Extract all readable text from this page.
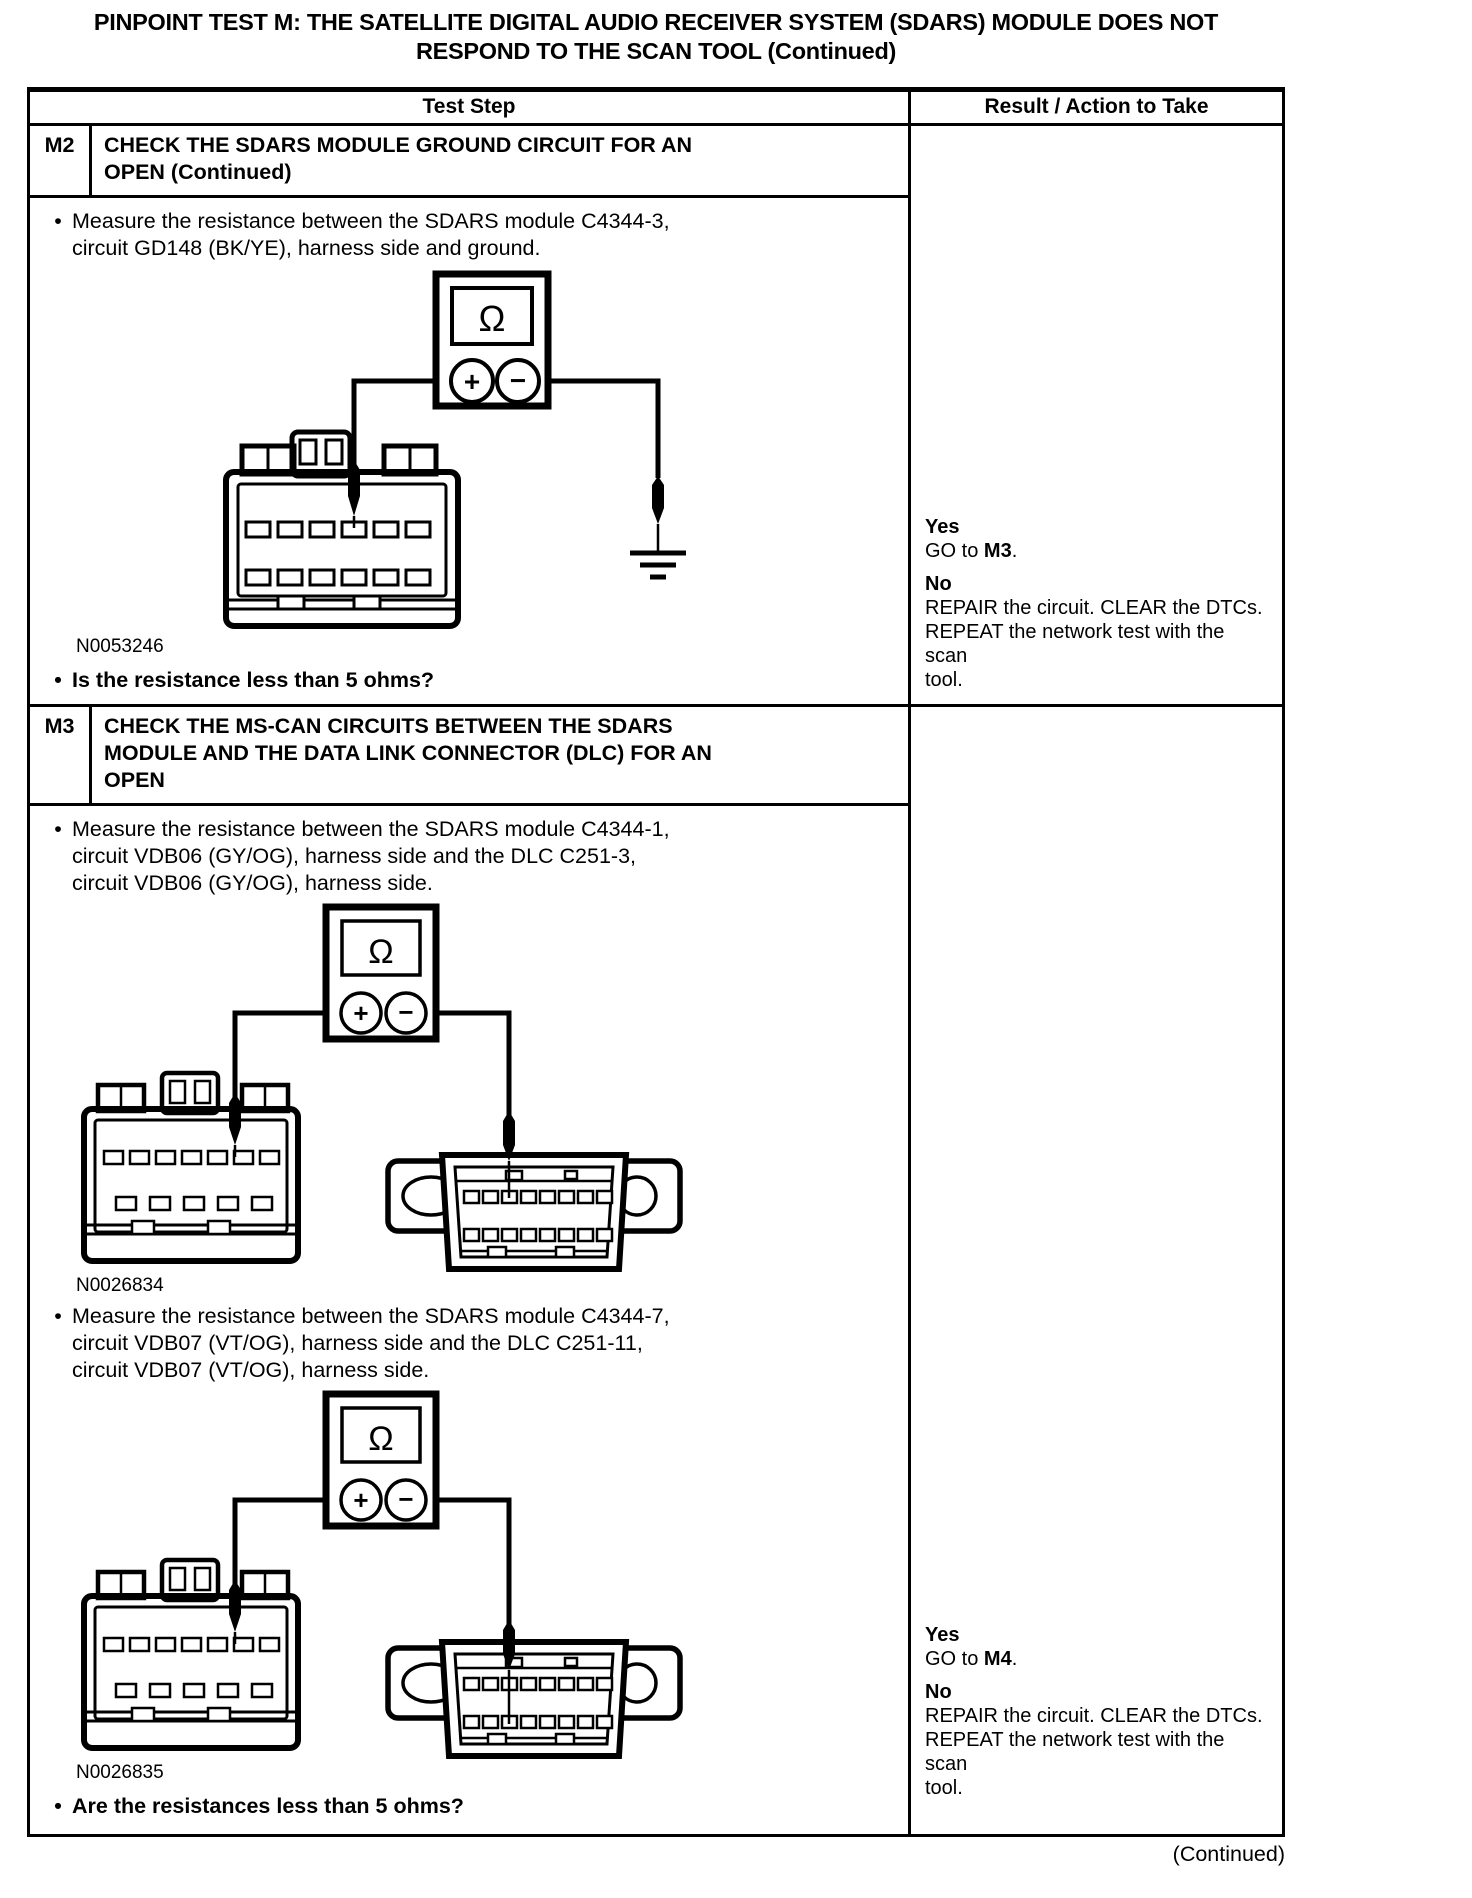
PINPOINT TEST M: THE SATELLITE DIGITAL AUDIO RECEIVER SYSTEM (SDARS) MODULE DOES NOT
RESPOND TO THE SCAN TOOL (Continued)
Test Step	Result / Action to Take
M2	CHECK THE SDARS MODULE GROUND CIRCUIT FOR AN
OPEN (Continued)
• Measure the resistance between the SDARS module C4344-3,
circuit GD148 (BK/YE), harness side and ground.
Ω
+ −
N0053246
• Is the resistance less than 5 ohms?
Yes
GO to M3.
No
REPAIR the circuit. CLEAR the DTCs.
REPEAT the network test with the scan
tool.
M3	CHECK THE MS-CAN CIRCUITS BETWEEN THE SDARS
MODULE AND THE DATA LINK CONNECTOR (DLC) FOR AN
OPEN
• Measure the resistance between the SDARS module C4344-1,
circuit VDB06 (GY/OG), harness side and the DLC C251-3,
circuit VDB06 (GY/OG), harness side.
Ω
+ −
N0026834
• Measure the resistance between the SDARS module C4344-7,
circuit VDB07 (VT/OG), harness side and the DLC C251-11,
circuit VDB07 (VT/OG), harness side.
Ω
+ −
N0026835
• Are the resistances less than 5 ohms?
Yes
GO to M4.
No
REPAIR the circuit. CLEAR the DTCs.
REPEAT the network test with the scan
tool.
(Continued)
